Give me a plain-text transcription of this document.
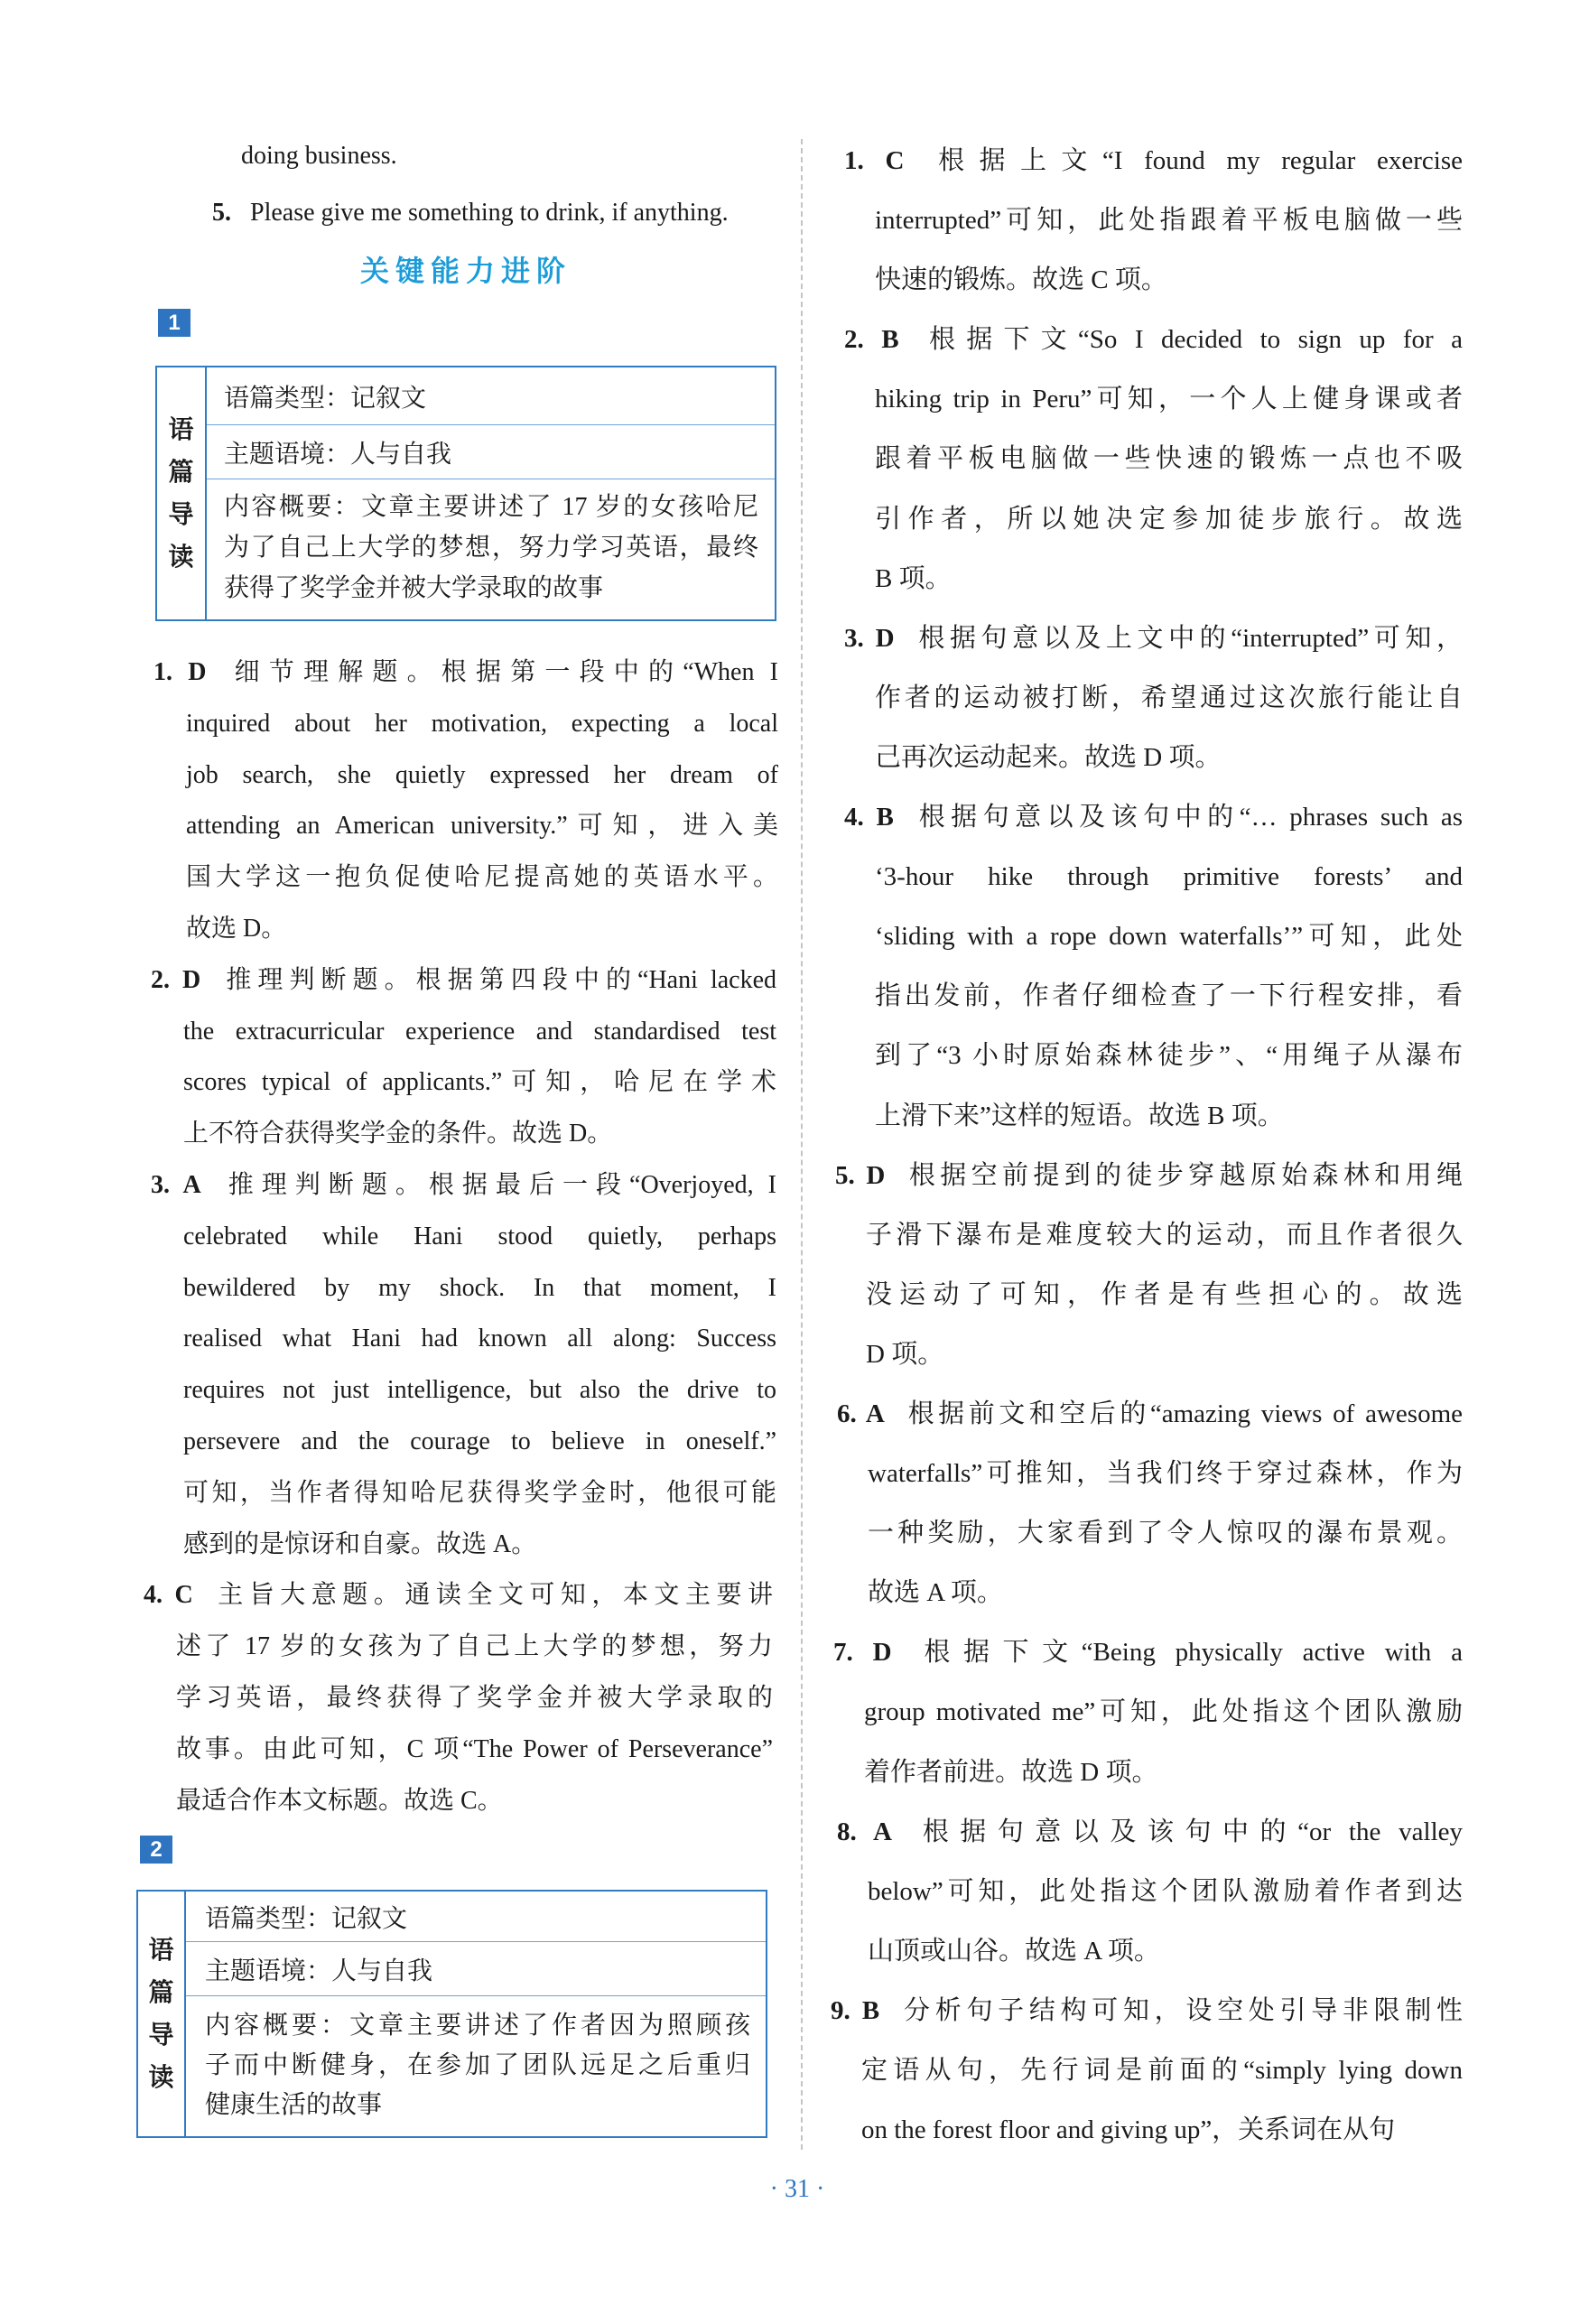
doing business.
5. Please give me something to drink, if anything.
关键能力进阶
1
语
篇
导
读
语篇类型：记叙文
主题语境：人与自我
内容概要：文章主要讲述了 17 岁的女孩哈尼
为了自己上大学的梦想，努力学习英语，最终
获得了奖学金并被大学录取的故事
1. D 细节理解题。根据第一段中的“When I
inquired about her motivation, expecting a local
job search, she quietly expressed her dream of
attending an American university.”可知，进入美
国大学这一抱负促使哈尼提高她的英语水平。
故选 D。
2. D 推理判断题。根据第四段中的“Hani lacked
the extracurricular experience and standardised test
scores typical of applicants.”可知，哈尼在学术
上不符合获得奖学金的条件。故选 D。
3. A 推理判断题。根据最后一段“Overjoyed, I
celebrated while Hani stood quietly, perhaps
bewildered by my shock. In that moment, I
realised what Hani had known all along: Success
requires not just intelligence, but also the drive to
persevere and the courage to believe in oneself.”
可知，当作者得知哈尼获得奖学金时，他很可能
感到的是惊讶和自豪。故选 A。
4. C 主旨大意题。通读全文可知，本文主要讲
述了 17 岁的女孩为了自己上大学的梦想，努力
学习英语，最终获得了奖学金并被大学录取的
故事。由此可知，C 项“The Power of Perseverance”
最适合作本文标题。故选 C。
2
语
篇
导
读
语篇类型：记叙文
主题语境：人与自我
内容概要：文章主要讲述了作者因为照顾孩
子而中断健身，在参加了团队远足之后重归
健康生活的故事
1. C 根据上文“I found my regular exercise
interrupted”可知，此处指跟着平板电脑做一些
快速的锻炼。故选 C 项。
2. B 根据下文“So I decided to sign up for a
hiking trip in Peru”可知，一个人上健身课或者
跟着平板电脑做一些快速的锻炼一点也不吸
引作者，所以她决定参加徒步旅行。故选
B 项。
3. D 根据句意以及上文中的“interrupted”可知，
作者的运动被打断，希望通过这次旅行能让自
己再次运动起来。故选 D 项。
4. B 根据句意以及该句中的“… phrases such as
‘3-hour hike through primitive forests’ and
‘sliding with a rope down waterfalls’”可知，此处
指出发前，作者仔细检查了一下行程安排，看
到了“3 小时原始森林徒步”、“用绳子从瀑布
上滑下来”这样的短语。故选 B 项。
5. D 根据空前提到的徒步穿越原始森林和用绳
子滑下瀑布是难度较大的运动，而且作者很久
没运动了可知，作者是有些担心的。故选
D 项。
6. A 根据前文和空后的“amazing views of awesome
waterfalls”可推知，当我们终于穿过森林，作为
一种奖励，大家看到了令人惊叹的瀑布景观。
故选 A 项。
7. D 根据下文“Being physically active with a
group motivated me”可知，此处指这个团队激励
着作者前进。故选 D 项。
8. A 根据句意以及该句中的“or the valley
below”可知，此处指这个团队激励着作者到达
山顶或山谷。故选 A 项。
9. B 分析句子结构可知，设空处引导非限制性
定语从句，先行词是前面的“simply lying down
on the forest floor and giving up”，关系词在从句
· 31 ·
